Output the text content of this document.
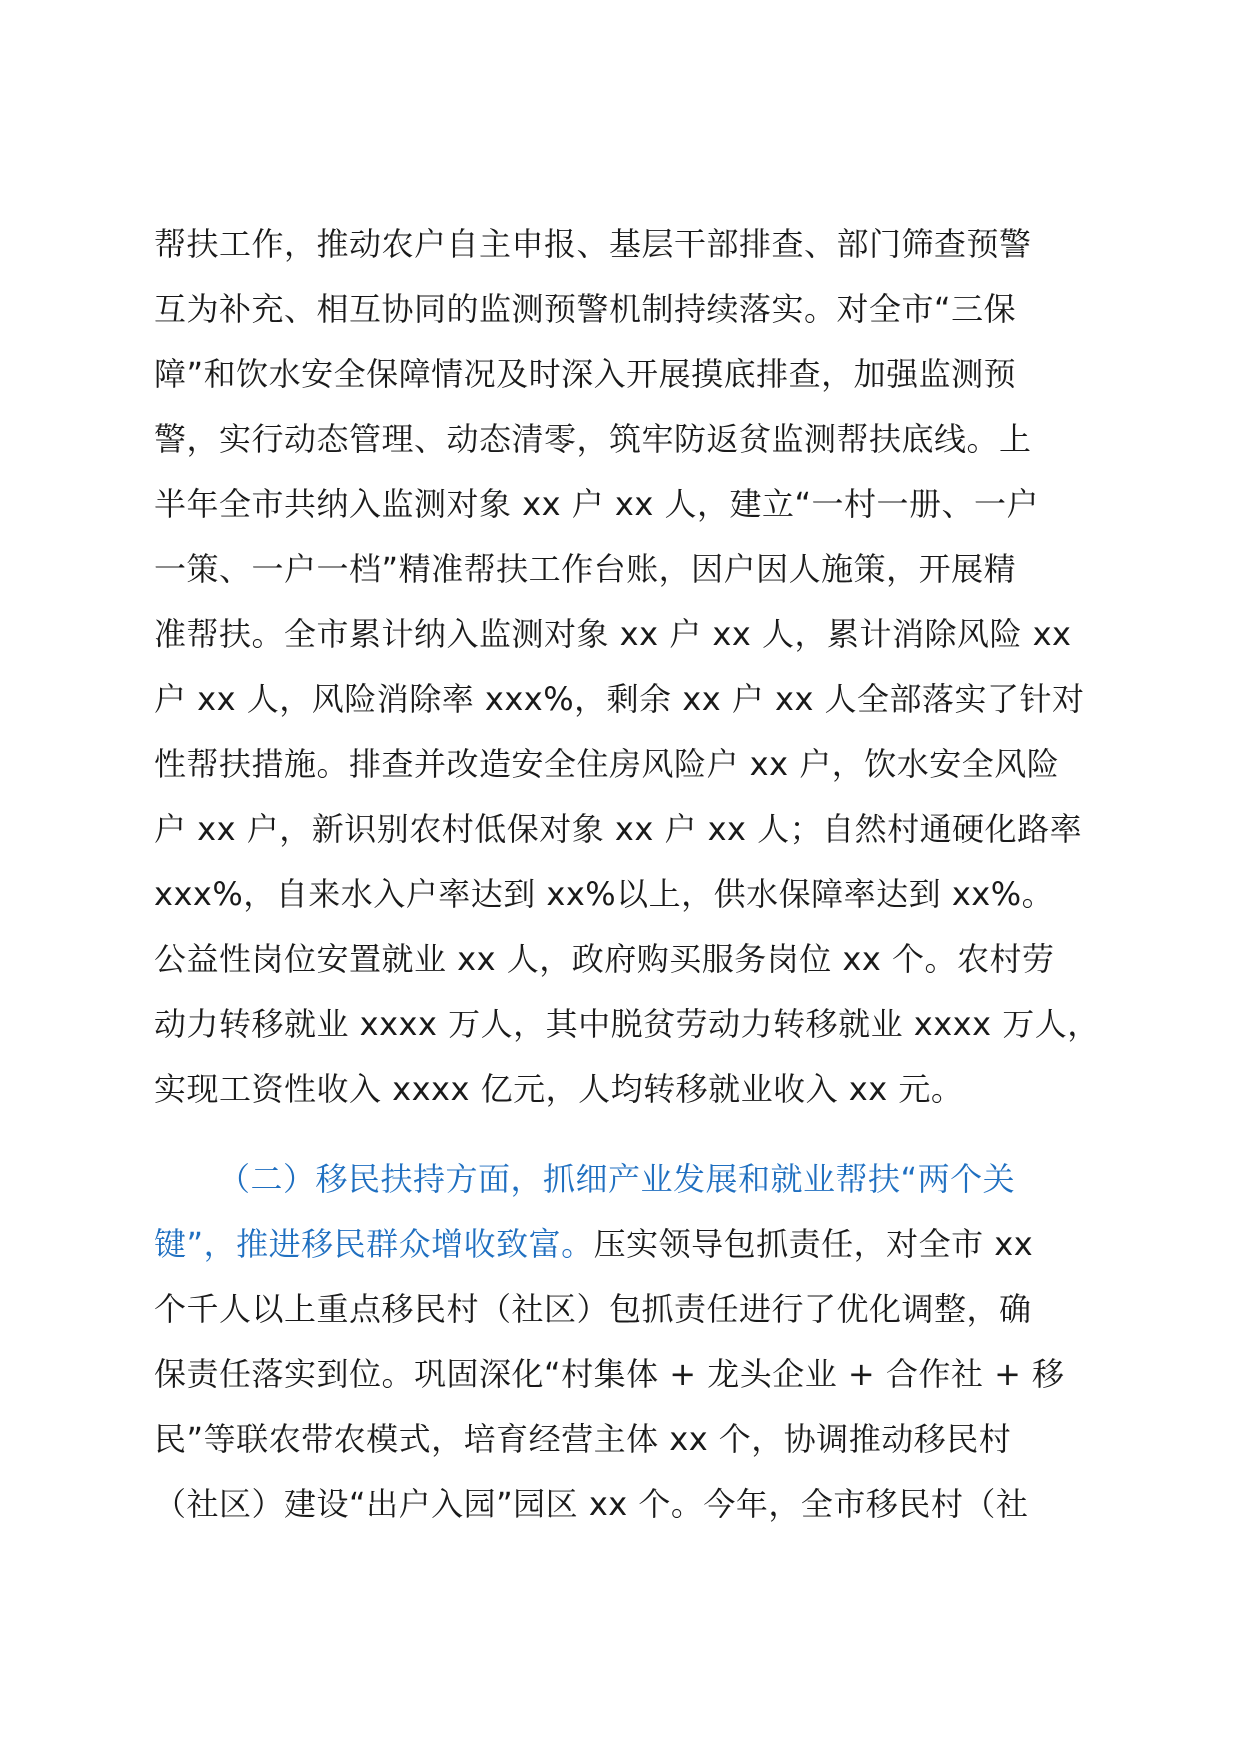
帮扶工作，推动农户自主申报、基层干部排查、部门筛查预警
互为补充、相互协同的监测预警机制持续落实。对全市“三保
障”和饮水安全保障情况及时深入开展摸底排查，加强监测预
警，实行动态管理、动态清零，筑牢防返贫监测帮扶底线。上
半年全市共纳入监测对象 xx 户 xx 人，建立“一村一册、一户
一策、一户一档”精准帮扶工作台账，因户因人施策，开展精
准帮扶。全市累计纳入监测对象 xx 户 xx 人，累计消除风险 xx
户 xx 人，风险消除率 xxx%，剩余 xx 户 xx 人全部落实了针对
性帮扶措施。排查并改造安全住房风险户 xx 户，饮水安全风险
户 xx 户，新识别农村低保对象 xx 户 xx 人；自然村通硬化路率
xxx%，自来水入户率达到 xx%以上，供水保障率达到 xx%。
公益性岗位安置就业 xx 人，政府购买服务岗位 xx 个。农村劳
动力转移就业 xxxx 万人，其中脱贫劳动力转移就业 xxxx 万人，
实现工资性收入 xxxx 亿元，人均转移就业收入 xx 元。
（二）移民扶持方面，抓细产业发展和就业帮扶“两个关
键”，推进移民群众增收致富。压实领导包抓责任，对全市 xx
个千人以上重点移民村（社区）包抓责任进行了优化调整，确
保责任落实到位。巩固深化“村集体 + 龙头企业 + 合作社 + 移
民”等联农带农模式，培育经营主体 xx 个，协调推动移民村
（社区）建设“出户入园”园区 xx 个。今年，全市移民村（社
